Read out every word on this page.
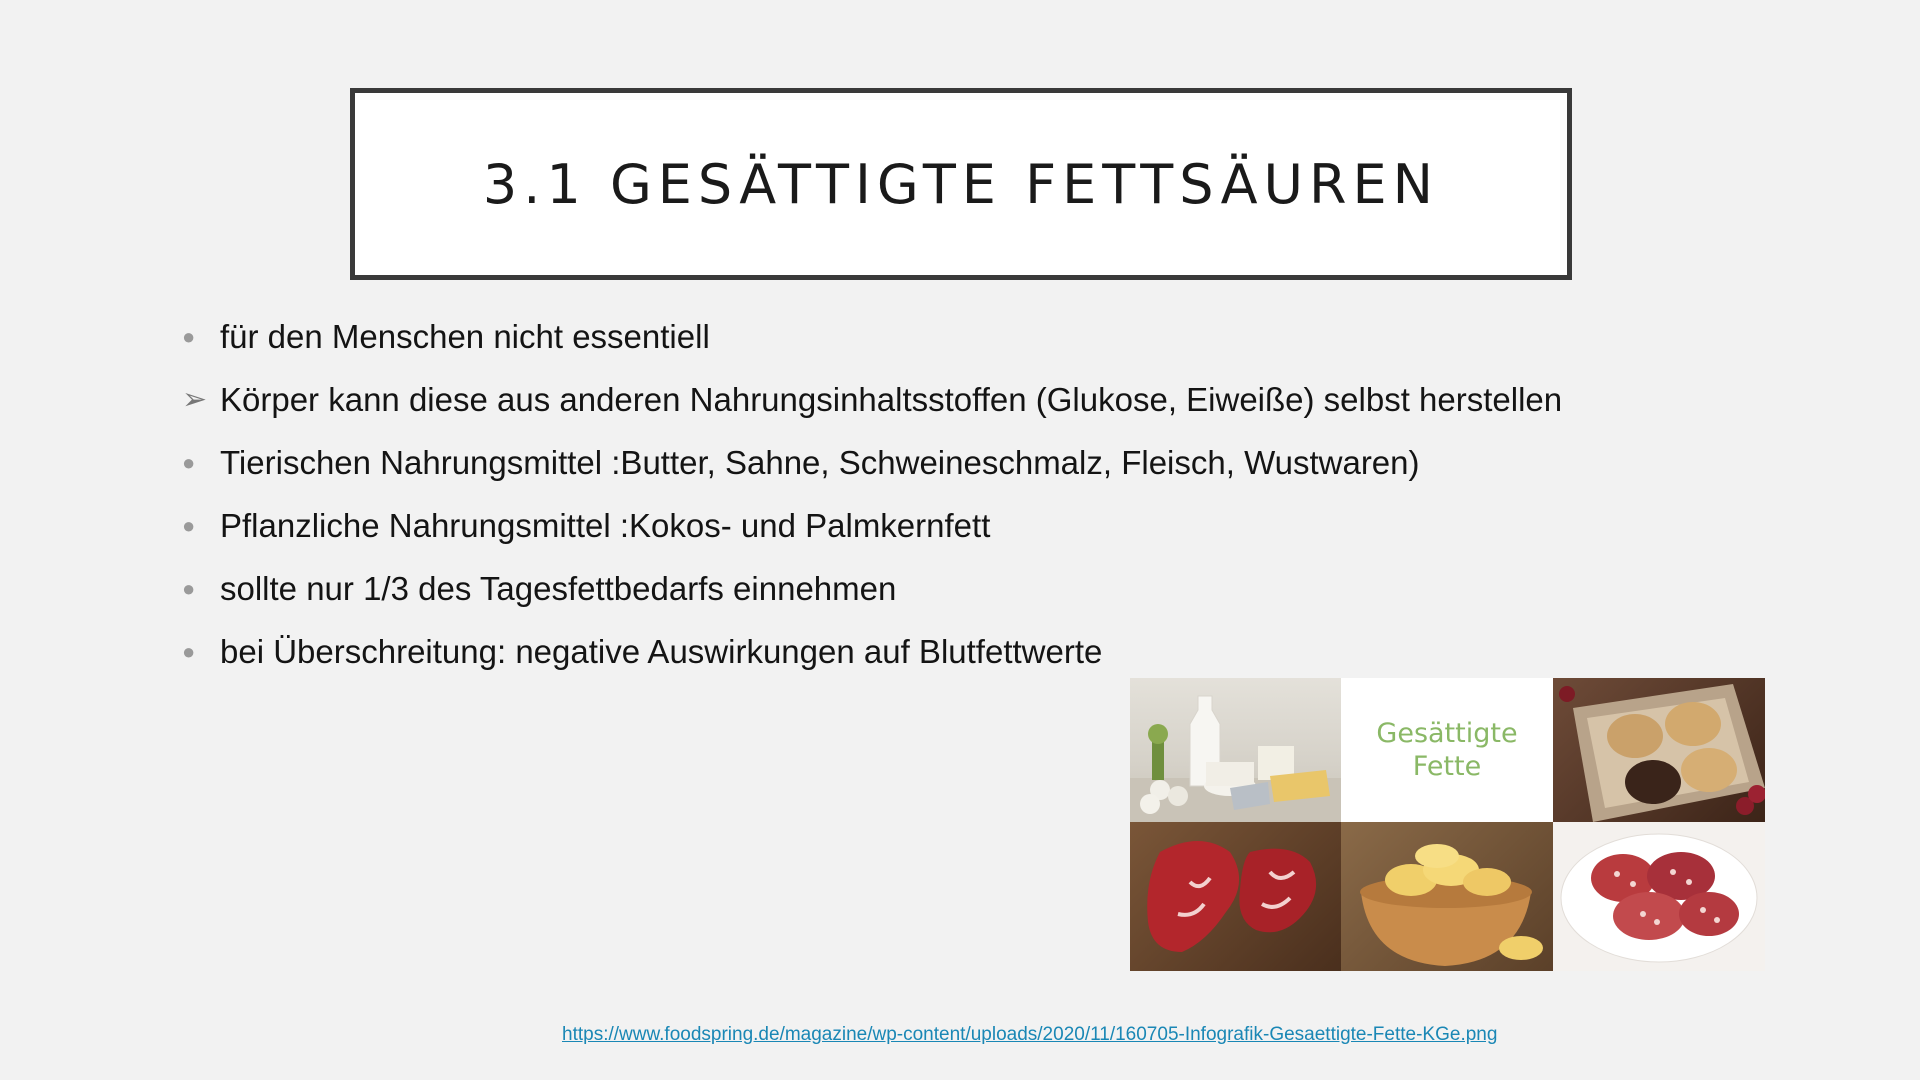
3.1 GESÄTTIGTE FETTSÄUREN
● für den Menschen nicht essentiell
➢ Körper kann diese aus anderen Nahrungsinhaltsstoffen (Glukose, Eiweiße) selbst herstellen
● Tierischen Nahrungsmittel :Butter, Sahne, Schweineschmalz, Fleisch, Wustwaren)
● Pflanzliche Nahrungsmittel :Kokos- und Palmkernfett
● sollte nur 1/3 des Tagesfettbedarfs einnehmen
● bei Überschreitung: negative Auswirkungen auf Blutfettwerte
Gesättigte
Fette
https://www.foodspring.de/magazine/wp-content/uploads/2020/11/160705-Infografik-Gesaettigte-Fette-KGe.png
